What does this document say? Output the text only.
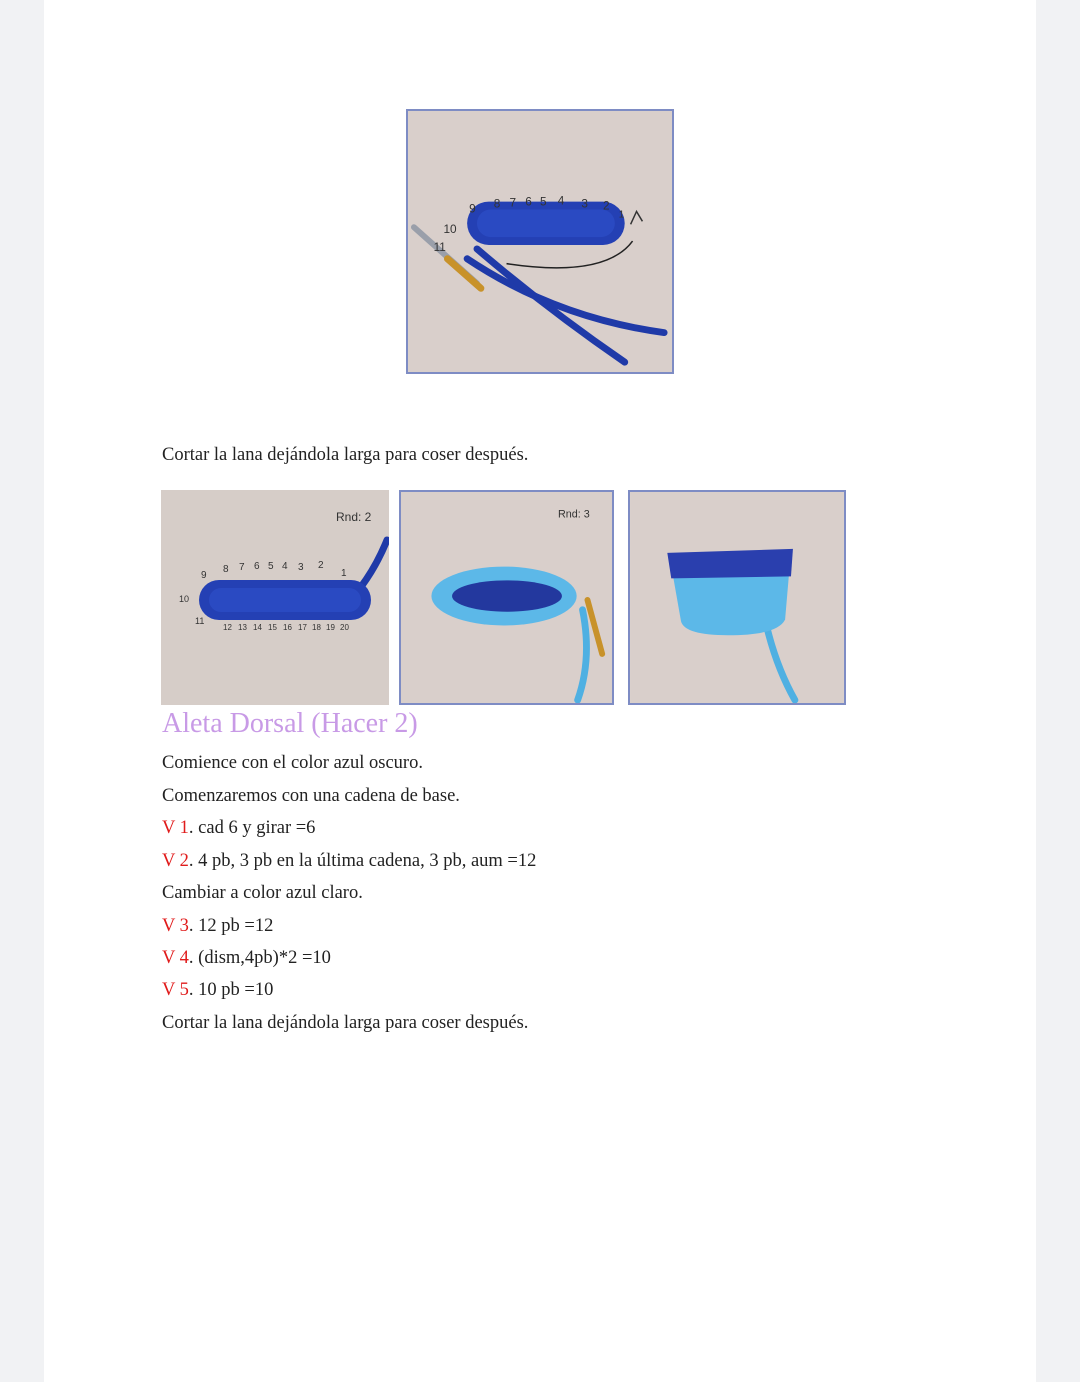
9 8 7 6 5 4 3 2
1
10
11

Cortar la lana dejándola larga para coser después.

Rnd: 2
9
8 7 6 5 4 3 2
1
10
11
12 13 14 15 16 17 18 19 20
Rnd: 3
Aleta Dorsal (Hacer 2)

Comience con el color azul oscuro.

Comenzaremos con una cadena de base.

V 1. cad 6 y girar =6

V 2. 4 pb, 3 pb en la última cadena, 3 pb, aum =12

Cambiar a color azul claro.

V 3. 12 pb =12

V 4. (dism,4pb)*2 =10

V 5. 10 pb =10

Cortar la lana dejándola larga para coser después.
